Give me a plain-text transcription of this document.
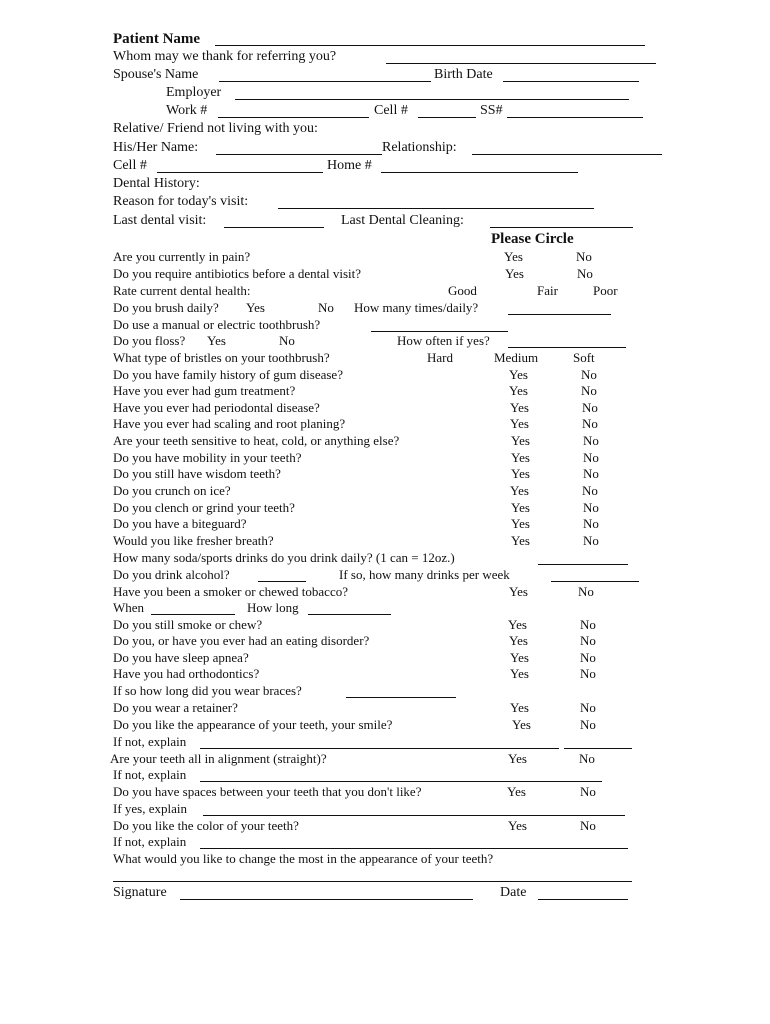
Patient Name
Whom may we thank for referring you?
Spouse's Name	Birth Date
Employer
Work #	Cell #	SS#
Relative/ Friend not living with you:
His/Her Name:	Relationship:
Cell #	Home #
Dental History:
Reason for today's visit:
Last dental visit:	Last Dental Cleaning:
Please Circle
Are you currently in pain?	Yes	No
Do you require antibiotics before a dental visit?	Yes	No
Rate current dental health:	Good	Fair	Poor
Do you brush daily? Yes	No How many times/daily?
Do use a manual or electric toothbrush?
Do you floss? Yes	No	How often if yes?
What type of bristles on your toothbrush?	Hard	Medium	Soft
Do you have family history of gum disease?	Yes	No
Have you ever had gum treatment?	Yes	No
Have you ever had periodontal disease?	Yes	No
Have you ever had scaling and root planing?	Yes	No
Are your teeth sensitive to heat, cold, or anything else?	Yes	No
Do you have mobility in your teeth?	Yes	No
Do you still have wisdom teeth?	Yes	No
Do you crunch on ice?	Yes	No
Do you clench or grind your teeth?	Yes	No
Do you have a biteguard?	Yes	No
Would you like fresher breath?	Yes	No
How many soda/sports drinks do you drink daily? (1 can = 12oz.)
Do you drink alcohol?	If so, how many drinks per week
Have you been a smoker or chewed tobacco?	Yes	No
When	How long
Do you still smoke or chew?	Yes	No
Do you, or have you ever had an eating disorder?	Yes	No
Do you have sleep apnea?	Yes	No
Have you had orthodontics?	Yes	No
If so how long did you wear braces?
Do you wear a retainer?	Yes	No
Do you like the appearance of your teeth, your smile?	Yes	No
If not, explain
Are your teeth all in alignment (straight)?	Yes	No
If not, explain
Do you have spaces between your teeth that you don't like?	Yes	No
If yes, explain
Do you like the color of your teeth?	Yes	No
If not, explain
What would you like to change the most in the appearance of your teeth?
Signature	Date
